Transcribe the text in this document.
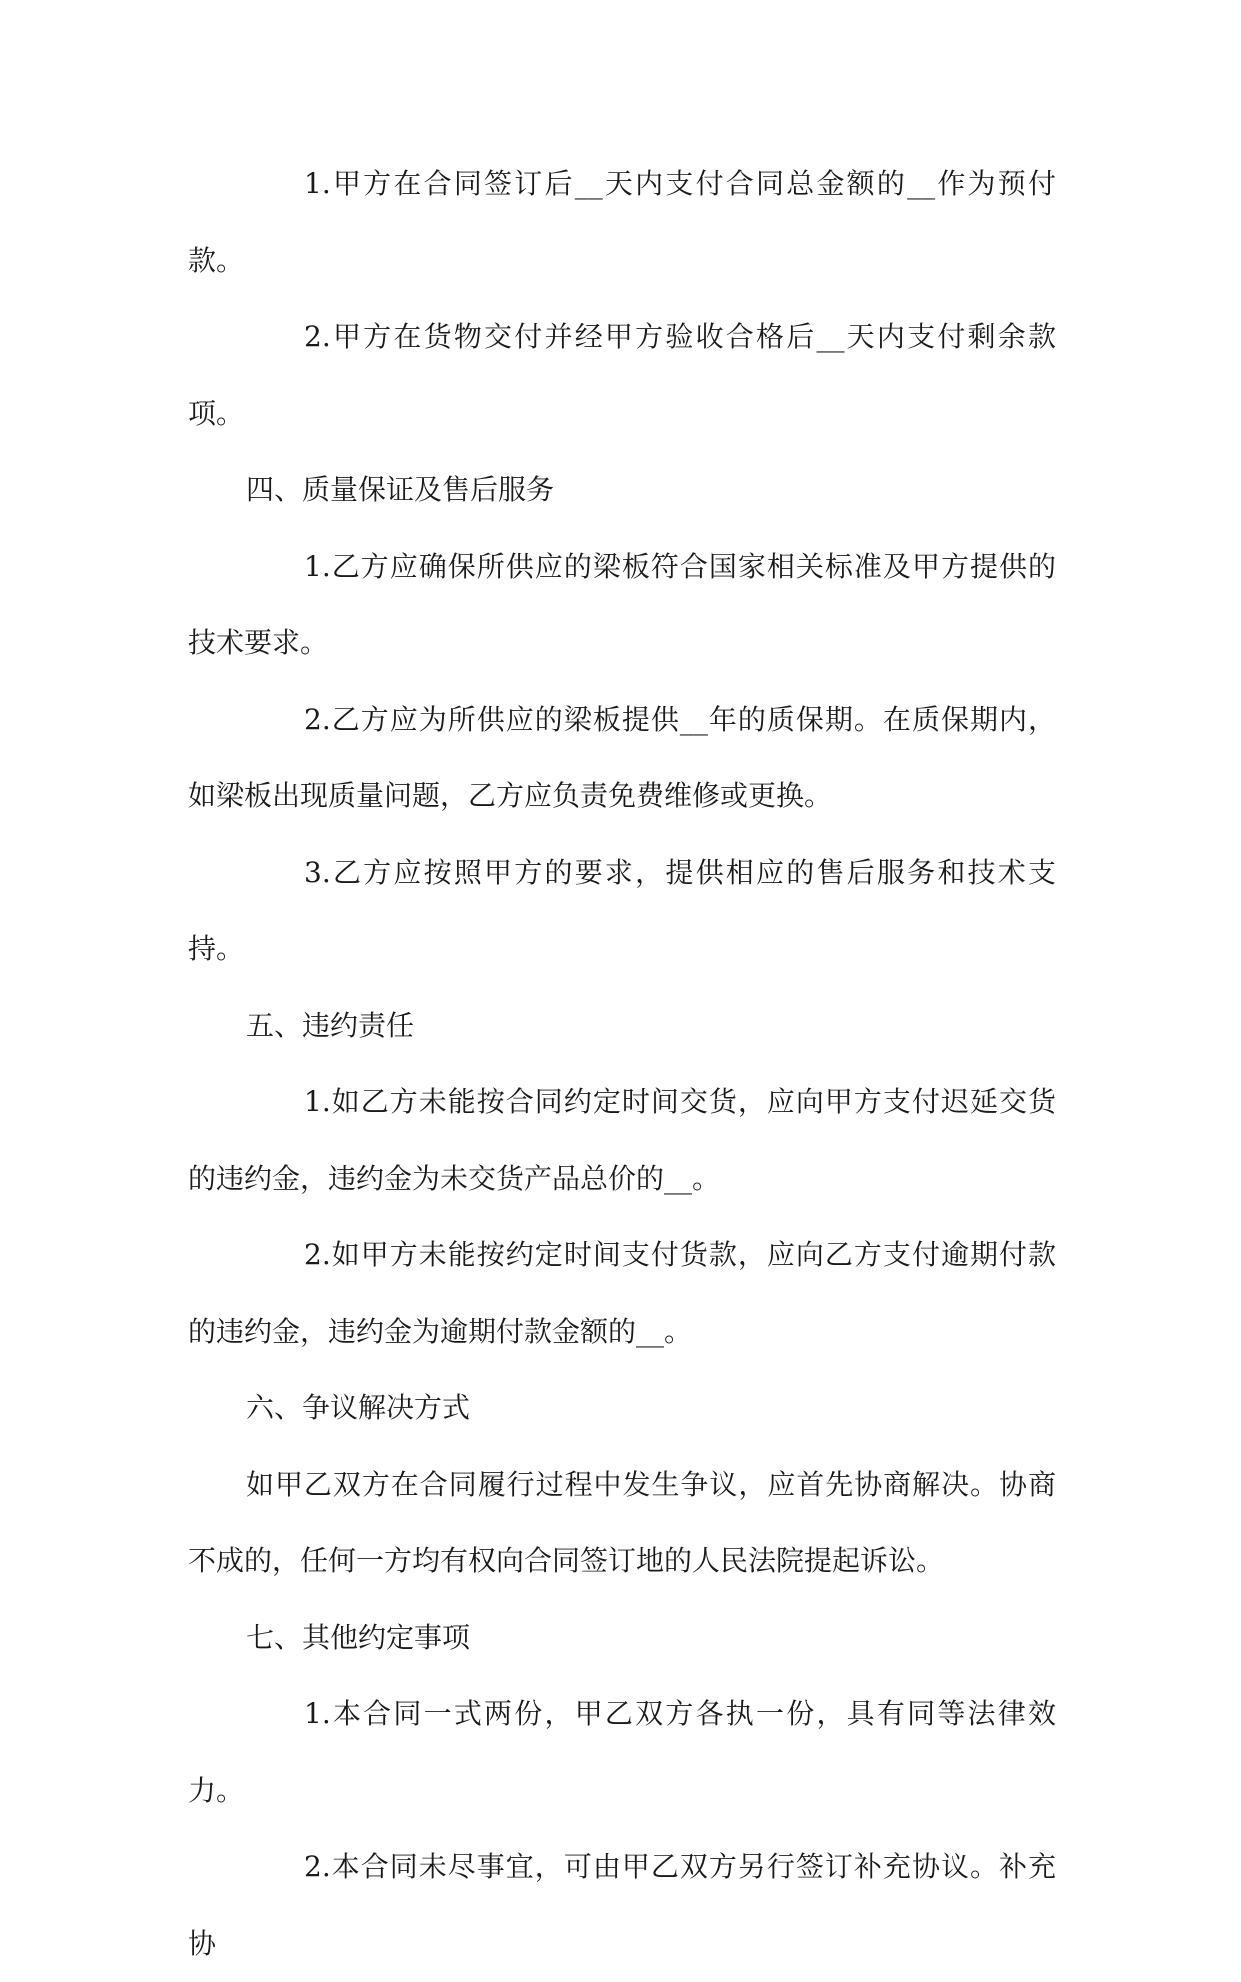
1.甲方在合同签订后__天内支付合同总金额的__作为预付款。

2.甲方在货物交付并经甲方验收合格后__天内支付剩余款项。

四、质量保证及售后服务

1.乙方应确保所供应的梁板符合国家相关标准及甲方提供的技术要求。

2.乙方应为所供应的梁板提供__年的质保期。在质保期内，如梁板出现质量问题，乙方应负责免费维修或更换。

3.乙方应按照甲方的要求，提供相应的售后服务和技术支持。

五、违约责任

1.如乙方未能按合同约定时间交货，应向甲方支付迟延交货的违约金，违约金为未交货产品总价的__。

2.如甲方未能按约定时间支付货款，应向乙方支付逾期付款的违约金，违约金为逾期付款金额的__。

六、争议解决方式

如甲乙双方在合同履行过程中发生争议，应首先协商解决。协商不成的，任何一方均有权向合同签订地的人民法院提起诉讼。

七、其他约定事项

1.本合同一式两份，甲乙双方各执一份，具有同等法律效力。

2.本合同未尽事宜，可由甲乙双方另行签订补充协议。补充协
